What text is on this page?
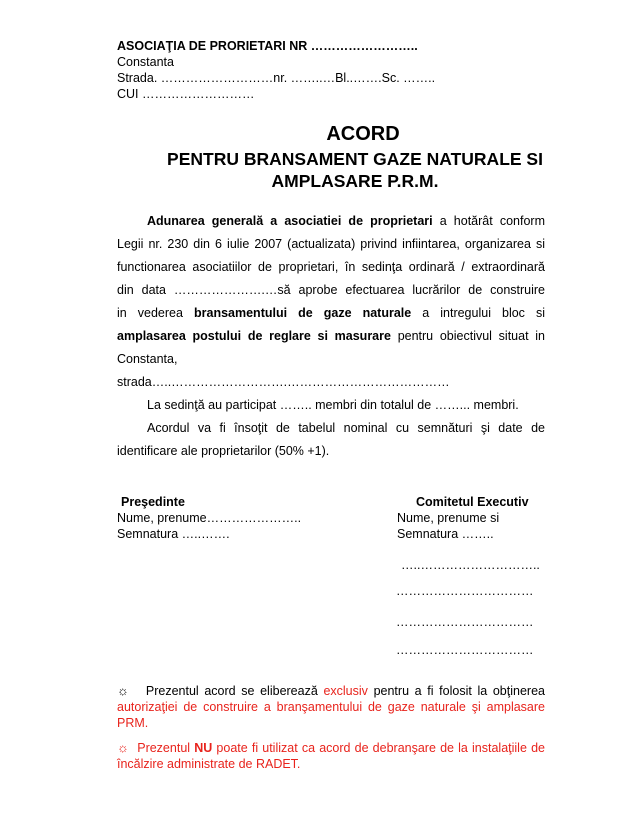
ASOCIAŢIA DE PRORIETARI NR ……………………..
Constanta
Strada. ………………………nr. ……..…Bl..…….Sc. ……..
CUI ………………………
ACORD
PENTRU BRANSAMENT GAZE NATURALE SI AMPLASARE P.R.M.
Adunarea generală a asociatiei de proprietari a hotărât conform
Legii nr. 230 din 6 iulie 2007 (actualizata) privind infiintarea, organizarea si
functionarea asociatiilor de proprietari, în sedinţa ordinară / extraordinară
din data ………………….…să aprobe efectuarea lucrărilor de construire
in vederea bransamentului de gaze naturale a intregului bloc si
amplasarea postului de reglare si masurare pentru obiectivul situat in
Constanta,
strada…..……………………….…………………………………
La sedinţă au participat …….. membri din totalul de ……... membri.
Acordul va fi însoţit de tabelul nominal cu semnături şi date de
identificare ale proprietarilor (50% +1).
Preşedinte
Nume, prenume…………………..
Semnatura …..…….
Comitetul Executiv
Nume, prenume si
Semnatura ……..
…..………………………..
……………………………
……………………………
……………………………
☼ Prezentul acord se eliberează exclusiv pentru a fi folosit la obţinerea autorizaţiei de construire a branşamentului de gaze naturale şi amplasare PRM.
☼ Prezentul NU poate fi utilizat ca acord de debranşare de la instalaţiile de încălzire administrate de RADET.
